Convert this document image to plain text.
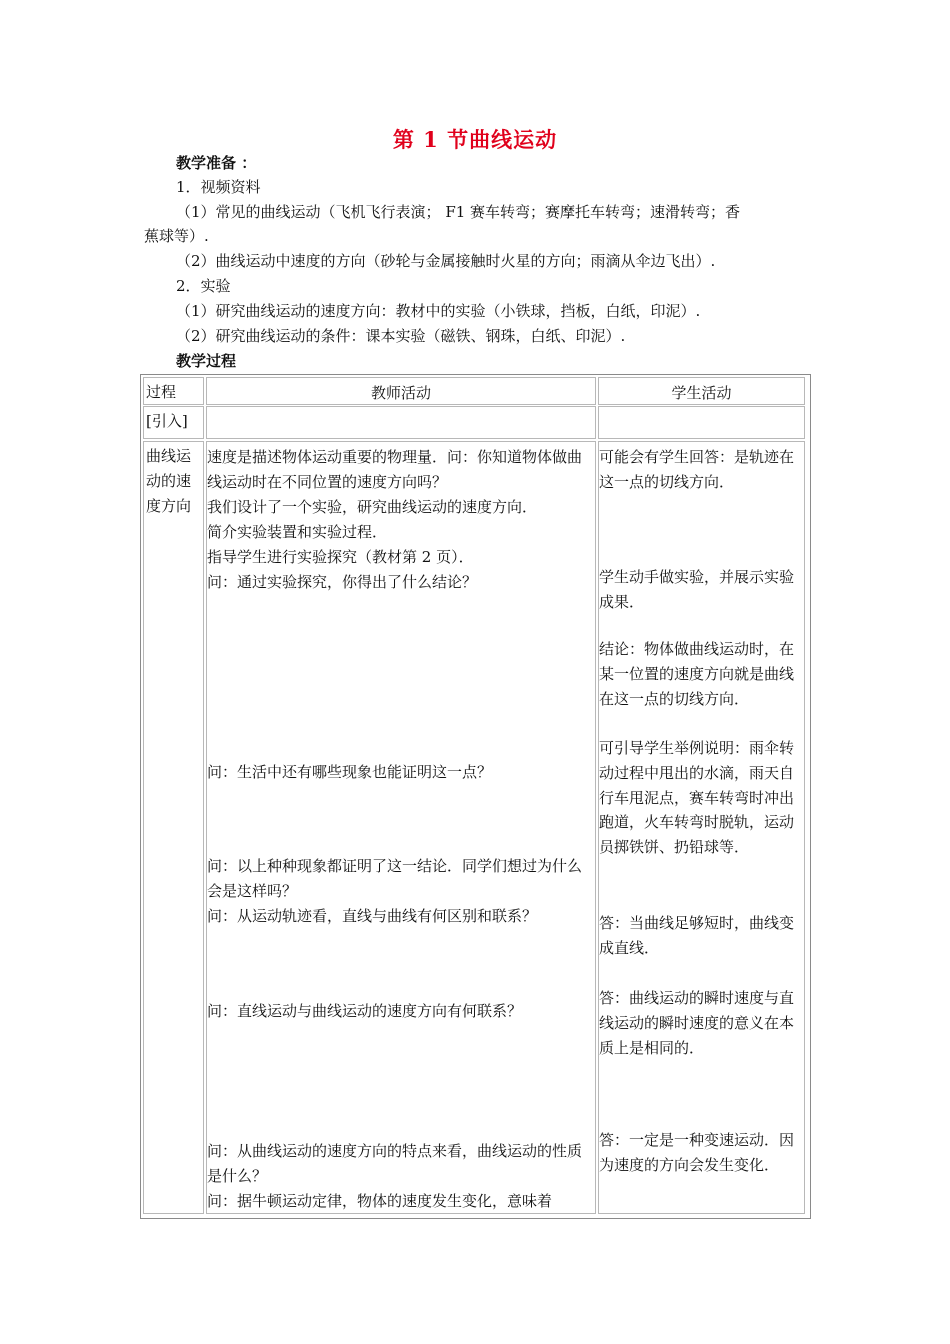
第 1 节曲线运动
教学准备 ：
1．视频资料
（1）常见的曲线运动（飞机飞行表演； F1 赛车转弯；赛摩托车转弯；速滑转弯；香
蕉球等）.
（2）曲线运动中速度的方向（砂轮与金属接触时火星的方向；雨滴从伞边飞出）.
2．实验
（1）研究曲线运动的速度方向：教材中的实验（小铁球，挡板，白纸，印泥）.
（2）研究曲线运动的条件：课本实验（磁铁、钢珠，白纸、印泥）.
教学过程
过程	教师活动	学生活动
[引入]
曲线运动的速度方向
速度是描述物体运动重要的物理量．问：你知道物体做曲线运动时在不同位置的速度方向吗？
我们设计了一个实验，研究曲线运动的速度方向．
简介实验装置和实验过程．
指导学生进行实验探究（教材第 2 页）．
问：通过实验探究，你得出了什么结论？
问：生活中还有哪些现象也能证明这一点？
问：以上种种现象都证明了这一结论．同学们想过为什么会是这样吗？
问：从运动轨迹看，直线与曲线有何区别和联系？
问：直线运动与曲线运动的速度方向有何联系？
问：从曲线运动的速度方向的特点来看，曲线运动的性质是什么？
问：据牛顿运动定律，物体的速度发生变化，意味着
可能会有学生回答：是轨迹在这一点的切线方向．
学生动手做实验，并展示实验成果．
结论：物体做曲线运动时，在某一位置的速度方向就是曲线在这一点的切线方向．
可引导学生举例说明：雨伞转动过程中甩出的水滴，雨天自行车甩泥点，赛车转弯时冲出跑道，火车转弯时脱轨，运动员掷铁饼、扔铅球等．
答：当曲线足够短时，曲线变成直线．
答：曲线运动的瞬时速度与直线运动的瞬时速度的意义在本质上是相同的．
答：一定是一种变速运动．因为速度的方向会发生变化．
